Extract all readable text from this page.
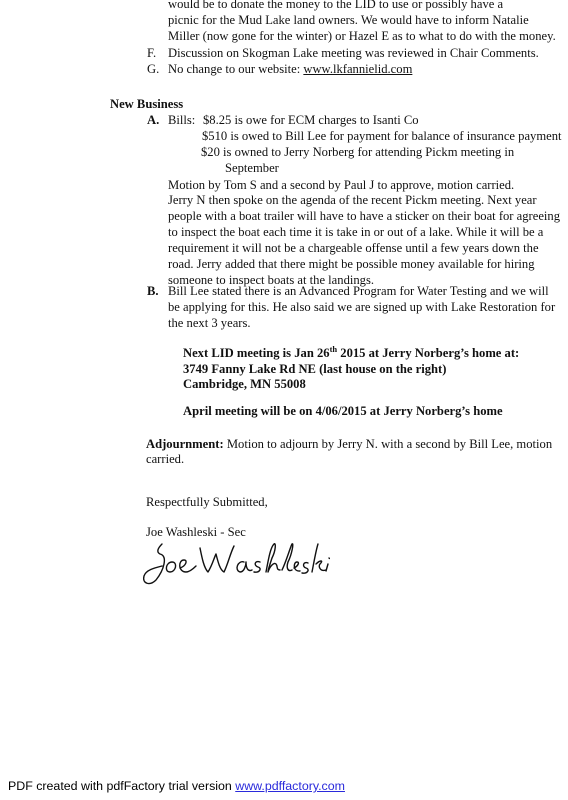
would be to donate the money to the LID to use or possibly have a
picnic for the Mud Lake land owners. We would have to inform Natalie
Miller (now gone for the winter) or Hazel E as to what to do with the money.
F. Discussion on Skogman Lake meeting was reviewed in Chair Comments.
G. No change to our website: www.lkfannielid.com
New Business
A. Bills: $8.25 is owe for ECM charges to Isanti Co
$510 is owed to Bill Lee for payment for balance of insurance payment
$20 is owned to Jerry Norberg for attending Pickm meeting in
September
Motion by Tom S and a second by Paul J to approve, motion carried.
Jerry N then spoke on the agenda of the recent Pickm meeting. Next year
people with a boat trailer will have to have a sticker on their boat for agreeing
to inspect the boat each time it is take in or out of a lake. While it will be a
requirement it will not be a chargeable offense until a few years down the
road. Jerry added that there might be possible money available for hiring
someone to inspect boats at the landings.
B. Bill Lee stated there is an Advanced Program for Water Testing and we will
be applying for this. He also said we are signed up with Lake Restoration for
the next 3 years.
Next LID meeting is Jan 26th 2015 at Jerry Norberg’s home at:
3749 Fanny Lake Rd NE (last house on the right)
Cambridge, MN 55008
April meeting will be on 4/06/2015 at Jerry Norberg’s home
Adjournment: Motion to adjourn by Jerry N. with a second by Bill Lee, motion
carried.
Respectfully Submitted,
Joe Washleski - Sec
PDF created with pdfFactory trial version www.pdffactory.com
